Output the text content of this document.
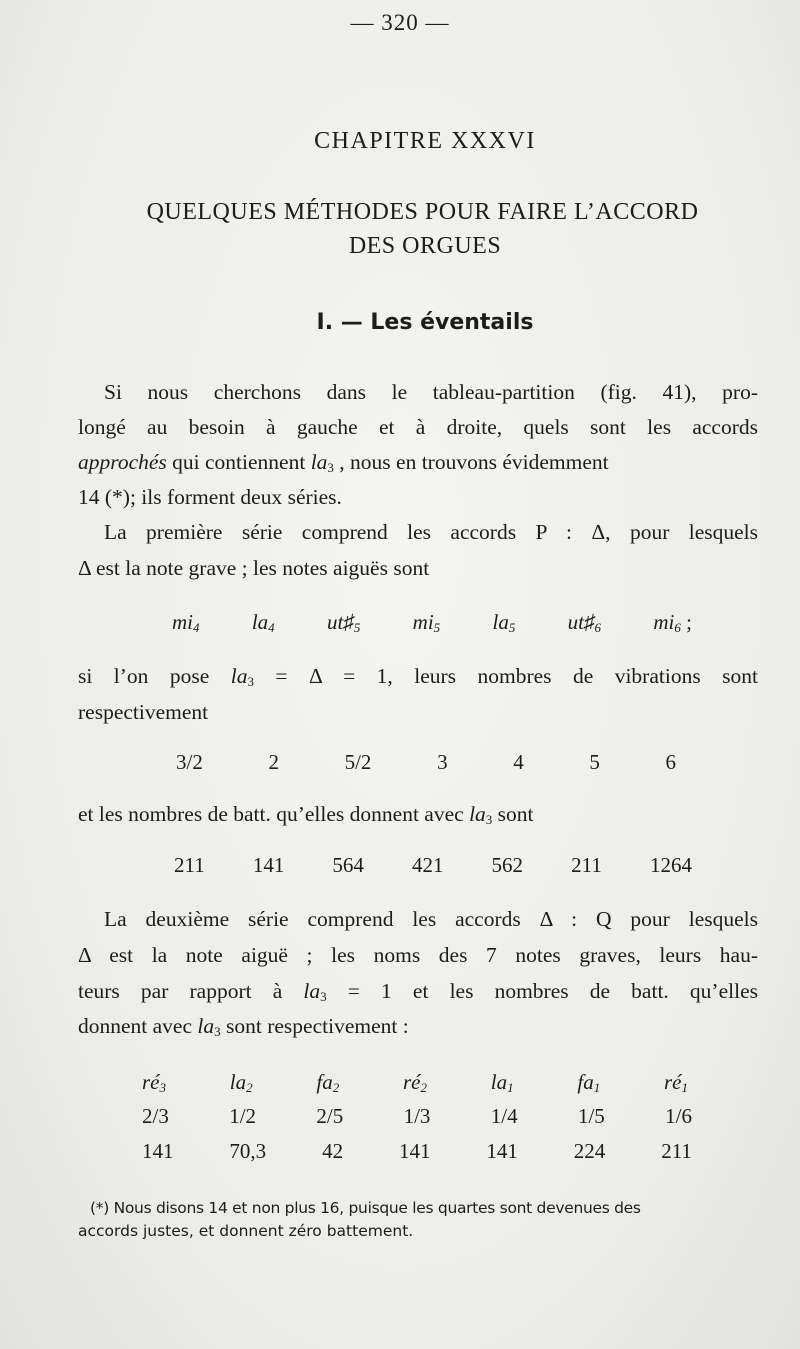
— 320 —
CHAPITRE XXXVI
QUELQUES MÉTHODES POUR FAIRE L’ACCORD
DES ORGUES
I. — Les éventails
Si nous cherchons dans le tableau-partition (fig. 41), pro-
longé au besoin à gauche et à droite, quels sont les accords
approchés qui contiennent la3 , nous en trouvons évidemment
14 (*); ils forment deux séries.
La première série comprend les accords P : Δ, pour lesquels
Δ est la note grave ; les notes aiguës sont
mi4 la4 ut♯5 mi5 la5 ut♯6 mi6 ;
si l’on pose la3 = Δ = 1, leurs nombres de vibrations sont
respectivement
3/2	2	5/2	3	4	5	6
et les nombres de batt. qu’elles donnent avec la3 sont
211 141 564 421 562 211 1264
La deuxième série comprend les accords Δ : Q pour lesquels
Δ est la note aiguë ; les noms des 7 notes graves, leurs hau-
teurs par rapport à la3 = 1 et les nombres de batt. qu’elles
donnent avec la3 sont respectivement :
ré3	la2	fa2	ré2	la1	fa1	ré1
2/3	1/2	2/5	1/3	1/4	1/5	1/6
141	70,3	42	141	141	224	211
(*) Nous disons 14 et non plus 16, puisque les quartes sont devenues des
accords justes, et donnent zéro battement.
